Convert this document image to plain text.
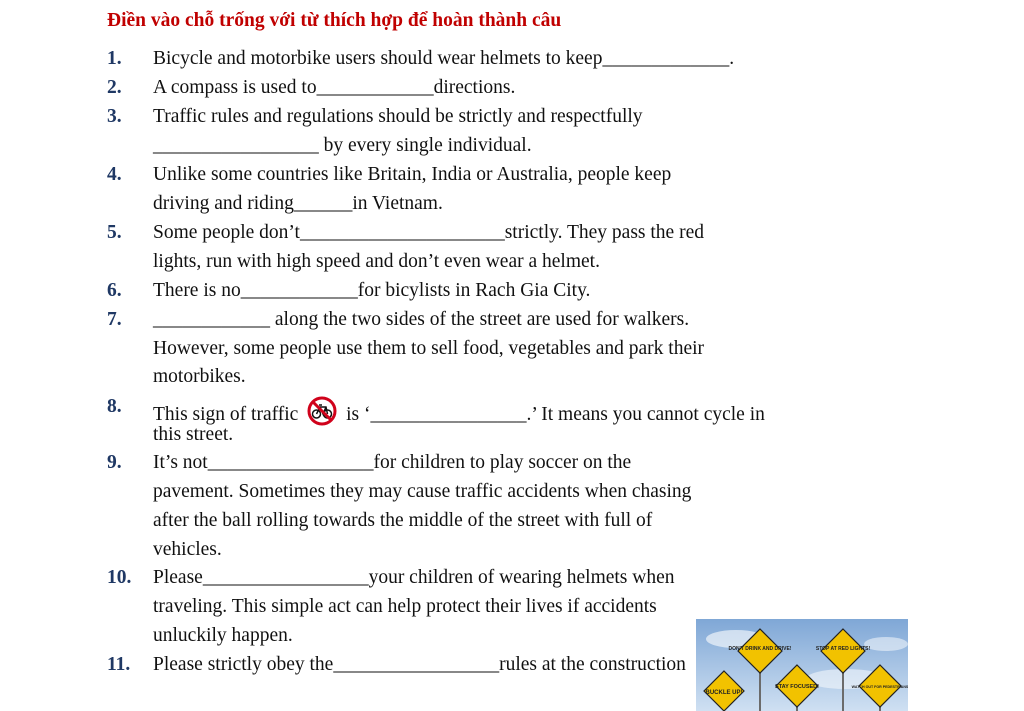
Điền vào chỗ trống với từ thích hợp để hoàn thành câu
1. Bicycle and motorbike users should wear helmets to keep_____________.
2. A compass is used to____________directions.
3. Traffic rules and regulations should be strictly and respectfully
_________________ by every single individual.
4. Unlike some countries like Britain, India or Australia, people keep
driving and riding______in Vietnam.
5. Some people don’t_____________________strictly. They pass the red
lights, run with high speed and don’t even wear a helmet.
6. There is no____________for bicylists in Rach Gia City.
7. ____________ along the two sides of the street are used for walkers.
However, some people use them to sell food, vegetables and park their
motorbikes.
8. This sign of traffic is ‘________________.’ It means you cannot cycle in
this street.
9. It’s not_________________for children to play soccer on the
pavement. Sometimes they may cause traffic accidents when chasing
after the ball rolling towards the middle of the street with full of
vehicles.
10. Please_________________your children of wearing helmets when
traveling. This simple act can help protect their lives if accidents
unluckily happen.
11. Please strictly obey the_________________rules at the construction
DON'T DRINK AND DRIVE!	STOP AT RED LIGHTS!
STAY FOCUSED!
BUCKLE UP!
WATCH OUT FOR PEDESTRIANS
